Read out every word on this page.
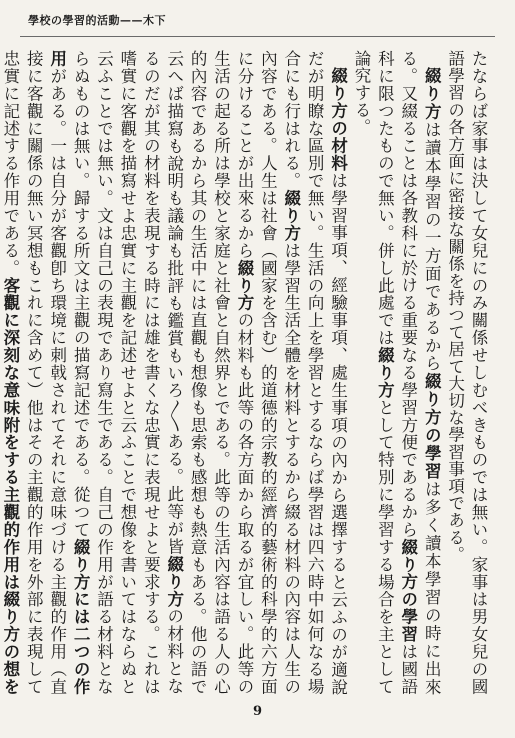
學校の學習的活動——木下

たならば家事は決して女兒にのみ關係せしむべきものでは無い。家事は男女兒の國語學習の各方面に密接な關係を持つて居て大切な學習事項である。

綴り方は讀本學習の一方面であるから綴り方の學習は多く讀本學習の時に出來る。又綴ることは各教科に於ける重要なる學習方便であるから綴り方の學習は國語科に限つたもので無い。併し此處では綴り方として特別に學習する場合を主として論究する。

綴り方の材料は學習事項、經驗事項、處生事項の內から選擇すると云ふのが適說だが明瞭な區別で無い。生活の向上を學習とするならば學習は四六時中如何なる場合にも行はれる。綴り方は學習生活全體を材料とするから綴る材料の內容は人生の內容である。人生は社會（國家を含む）的道德的宗教的經濟的藝術的科學的六方面に分けることが出來るから綴り方の材料も此等の各方面から取るが宜しい。此等の生活の起る所は學校と家庭と社會と自然界とである。此等の生活內容は語る人の心的內容であるから其の生活中には直觀も想像も思索も感想も熱意もある。他の語で云へば描寫も說明も議論も批評も鑑賞もいろ〳〵ある。此等が皆綴り方の材料となるのだが其の材料を表現する時には雄を書くな忠實に表現せよと要求する。これは嗜實に客觀を描寫せよ忠實に主觀を記述せよと云ふことで想像を書いてはならぬと云ふことでは無い。文は自己の表現であり寫生である。自己の作用が語る材料とならぬものは無い。歸する所文は主觀の描寫記述である。從つて綴り方には二つの作用がある。一は自分が客觀卽ち環境に刺戟されてそれに意味づける主觀的作用（直接に客觀に關係の無い冥想もこれに含めて）他はその主觀的作用を外部に表現して忠實に記述する作用である。客觀に深刻な意味附をする主觀的作用は綴り方の想を

9
